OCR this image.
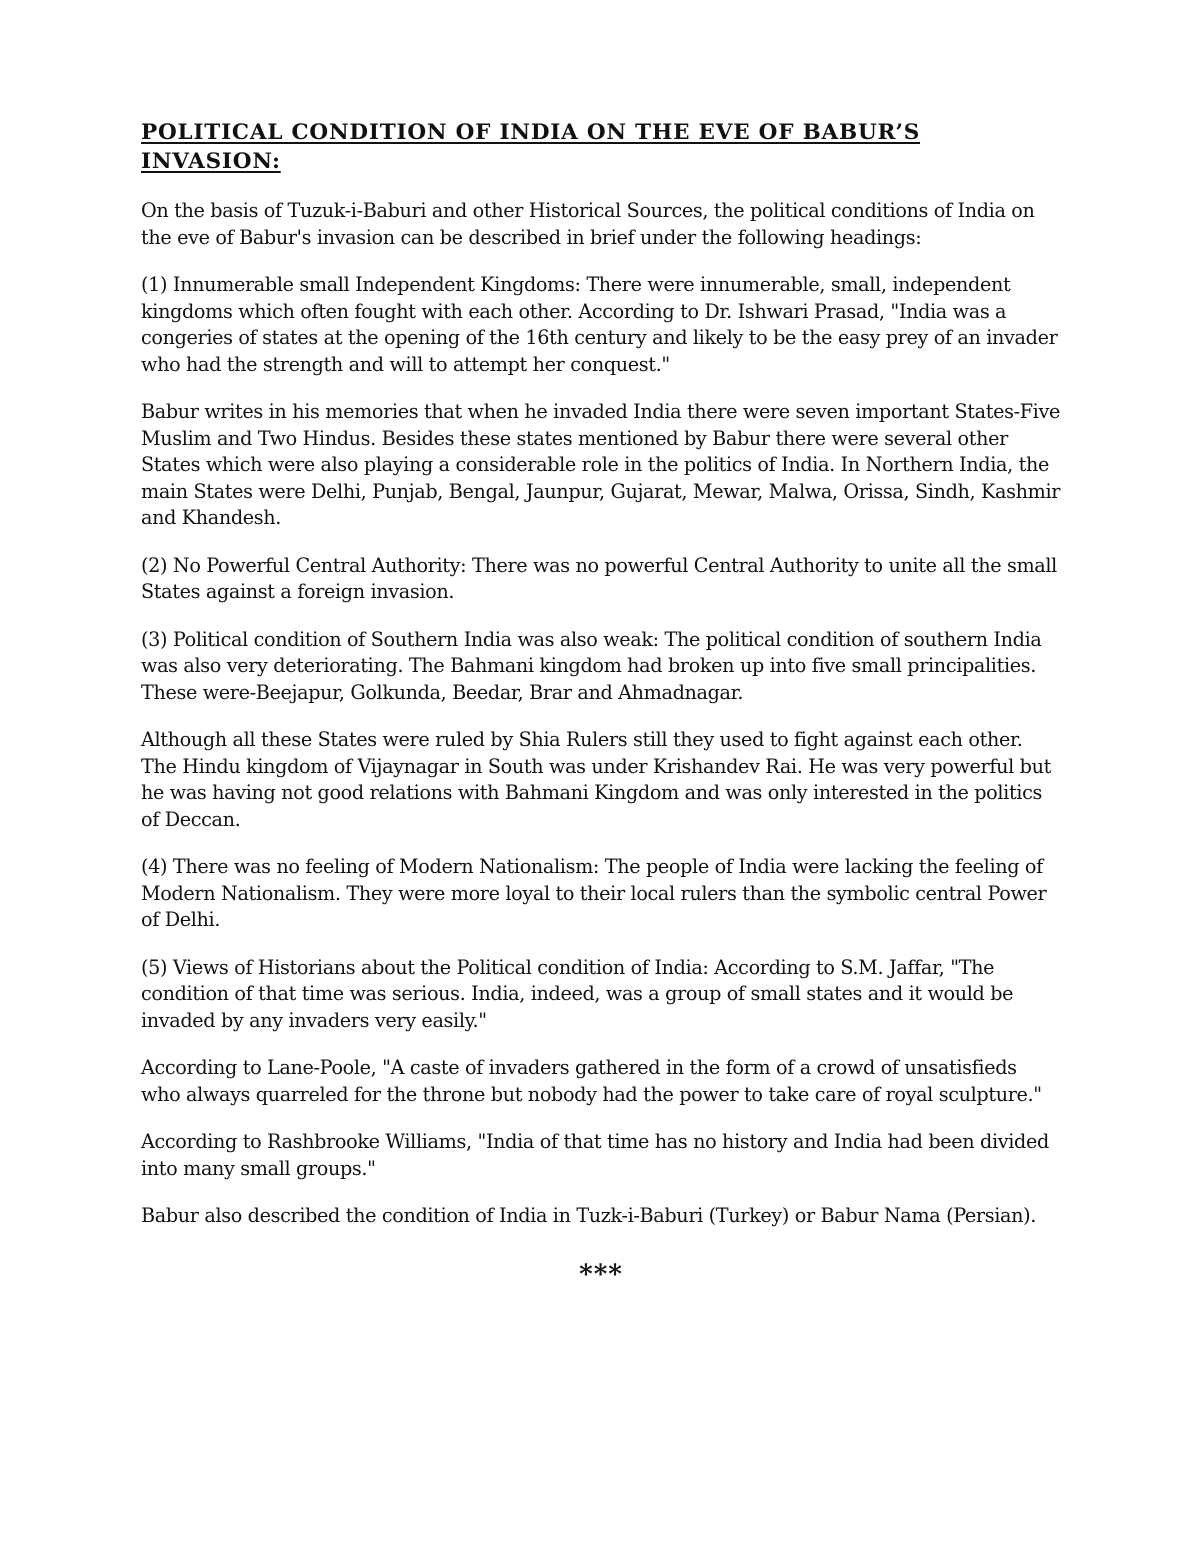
POLITICAL CONDITION OF INDIA ON THE EVE OF BABUR’S INVASION:

On the basis of Tuzuk-i-Baburi and other Historical Sources, the political conditions of India on the eve of Babur's invasion can be described in brief under the following headings:

(1) Innumerable small Independent Kingdoms: There were innumerable, small, independent kingdoms which often fought with each other. According to Dr. Ishwari Prasad, "India was a congeries of states at the opening of the 16th century and likely to be the easy prey of an invader who had the strength and will to attempt her conquest."

Babur writes in his memories that when he invaded India there were seven important States-Five Muslim and Two Hindus. Besides these states mentioned by Babur there were several other States which were also playing a considerable role in the politics of India. In Northern India, the main States were Delhi, Punjab, Bengal, Jaunpur, Gujarat, Mewar, Malwa, Orissa, Sindh, Kashmir and Khandesh.

(2) No Powerful Central Authority: There was no powerful Central Authority to unite all the small States against a foreign invasion.

(3) Political condition of Southern India was also weak: The political condition of southern India was also very deteriorating. The Bahmani kingdom had broken up into five small principalities. These were-Beejapur, Golkunda, Beedar, Brar and Ahmadnagar.

Although all these States were ruled by Shia Rulers still they used to fight against each other. The Hindu kingdom of Vijaynagar in South was under Krishandev Rai. He was very powerful but he was having not good relations with Bahmani Kingdom and was only interested in the politics of Deccan.

(4) There was no feeling of Modern Nationalism: The people of India were lacking the feeling of Modern Nationalism. They were more loyal to their local rulers than the symbolic central Power of Delhi.

(5) Views of Historians about the Political condition of India: According to S.M. Jaffar, "The condition of that time was serious. India, indeed, was a group of small states and it would be invaded by any invaders very easily."

According to Lane-Poole, "A caste of invaders gathered in the form of a crowd of unsatisfieds who always quarreled for the throne but nobody had the power to take care of royal sculpture."

According to Rashbrooke Williams, "India of that time has no history and India had been divided into many small groups."

Babur also described the condition of India in Tuzk-i-Baburi (Turkey) or Babur Nama (Persian).

***
